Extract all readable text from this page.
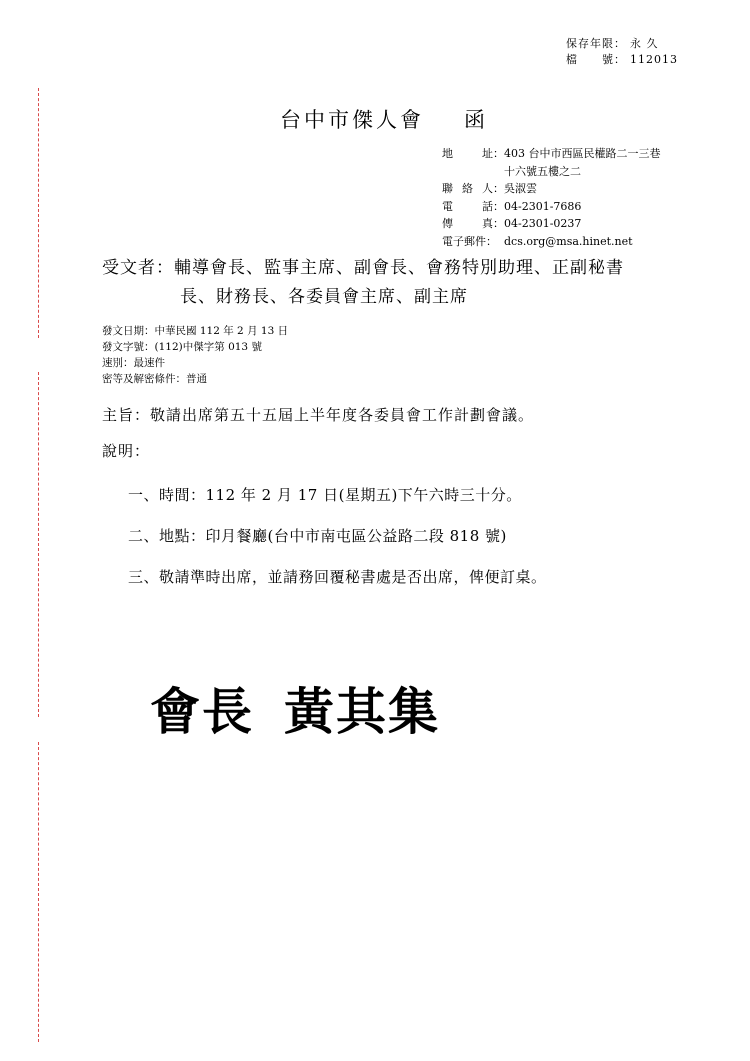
保存年限： 永 久
檔　　號： 112013
台中市傑人會 函
地	址： 403 台中市西區民權路二一三巷
十六號五樓之二
聯 絡 人： 吳淑雲
電	話： 04-2301-7686
傳	真： 04-2301-0237
電子郵件： dcs.org@msa.hinet.net
受文者：輔導會長、監事主席、副會長、會務特別助理、正副秘書
長、財務長、各委員會主席、副主席
發文日期：中華民國 112 年 2 月 13 日
發文字號：(112)中傑字第 013 號
速別：最速件
密等及解密條件：普通
主旨：敬請出席第五十五屆上半年度各委員會工作計劃會議。
說明：
一、時間：112 年 2 月 17 日(星期五)下午六時三十分。
二、地點：印月餐廳(台中市南屯區公益路二段 818 號)
三、敬請準時出席，並請務回覆秘書處是否出席，俾便訂桌。
會長 黃其集
